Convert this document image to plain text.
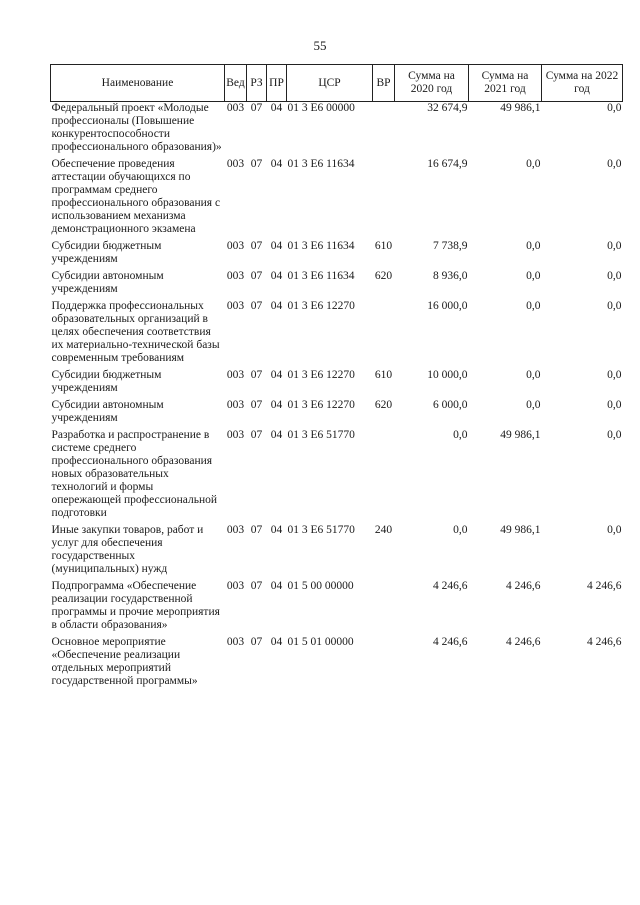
55
Наименование	Вед	РЗ	ПР	ЦСР	ВР	Сумма на 2020 год	Сумма на 2021 год	Сумма на 2022 год
Федеральный проект «Молодые профессионалы (Повышение конкурентоспособности профессионального образования)»	003	07	04	01 3 E6 00000		32 674,9	49 986,1	0,0

Обеспечение проведения аттестации обучающихся по программам среднего профессионального образования с использованием механизма демонстрационного экзамена	003	07	04	01 3 E6 11634		16 674,9	0,0	0,0

Субсидии бюджетным учреждениям	003	07	04	01 3 E6 11634	610	7 738,9	0,0	0,0

Субсидии автономным учреждениям	003	07	04	01 3 E6 11634	620	8 936,0	0,0	0,0

Поддержка профессиональных образовательных организаций в целях обеспечения соответствия их материально-технической базы современным требованиям	003	07	04	01 3 E6 12270		16 000,0	0,0	0,0

Субсидии бюджетным учреждениям	003	07	04	01 3 E6 12270	610	10 000,0	0,0	0,0

Субсидии автономным учреждениям	003	07	04	01 3 E6 12270	620	6 000,0	0,0	0,0

Разработка и распространение в системе среднего профессионального образования новых образовательных технологий и формы опережающей профессиональной подготовки	003	07	04	01 3 E6 51770		0,0	49 986,1	0,0

Иные закупки товаров, работ и услуг для обеспечения государственных (муниципальных) нужд	003	07	04	01 3 E6 51770	240	0,0	49 986,1	0,0

Подпрограмма «Обеспечение реализации государственной программы и прочие мероприятия в области образования»	003	07	04	01 5 00 00000		4 246,6	4 246,6	4 246,6

Основное мероприятие «Обеспечение реализации отдельных мероприятий государственной программы»	003	07	04	01 5 01 00000		4 246,6	4 246,6	4 246,6
